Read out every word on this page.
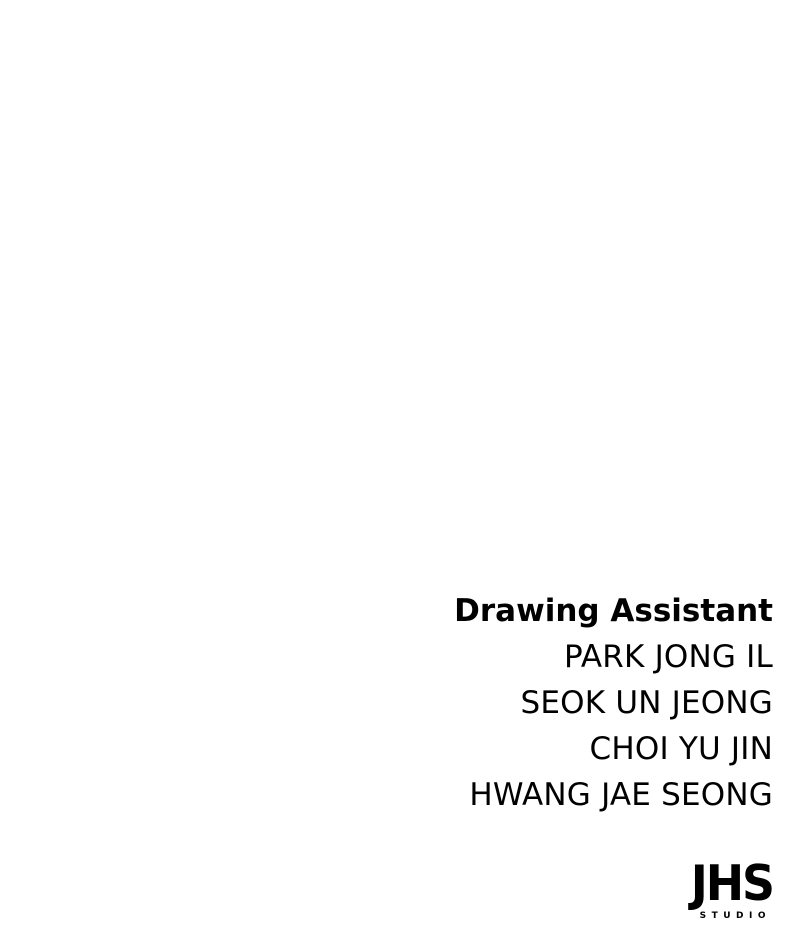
Drawing Assistant
PARK JONG IL
SEOK UN JEONG
CHOI YU JIN
HWANG JAE SEONG
JHS
STUDIO
